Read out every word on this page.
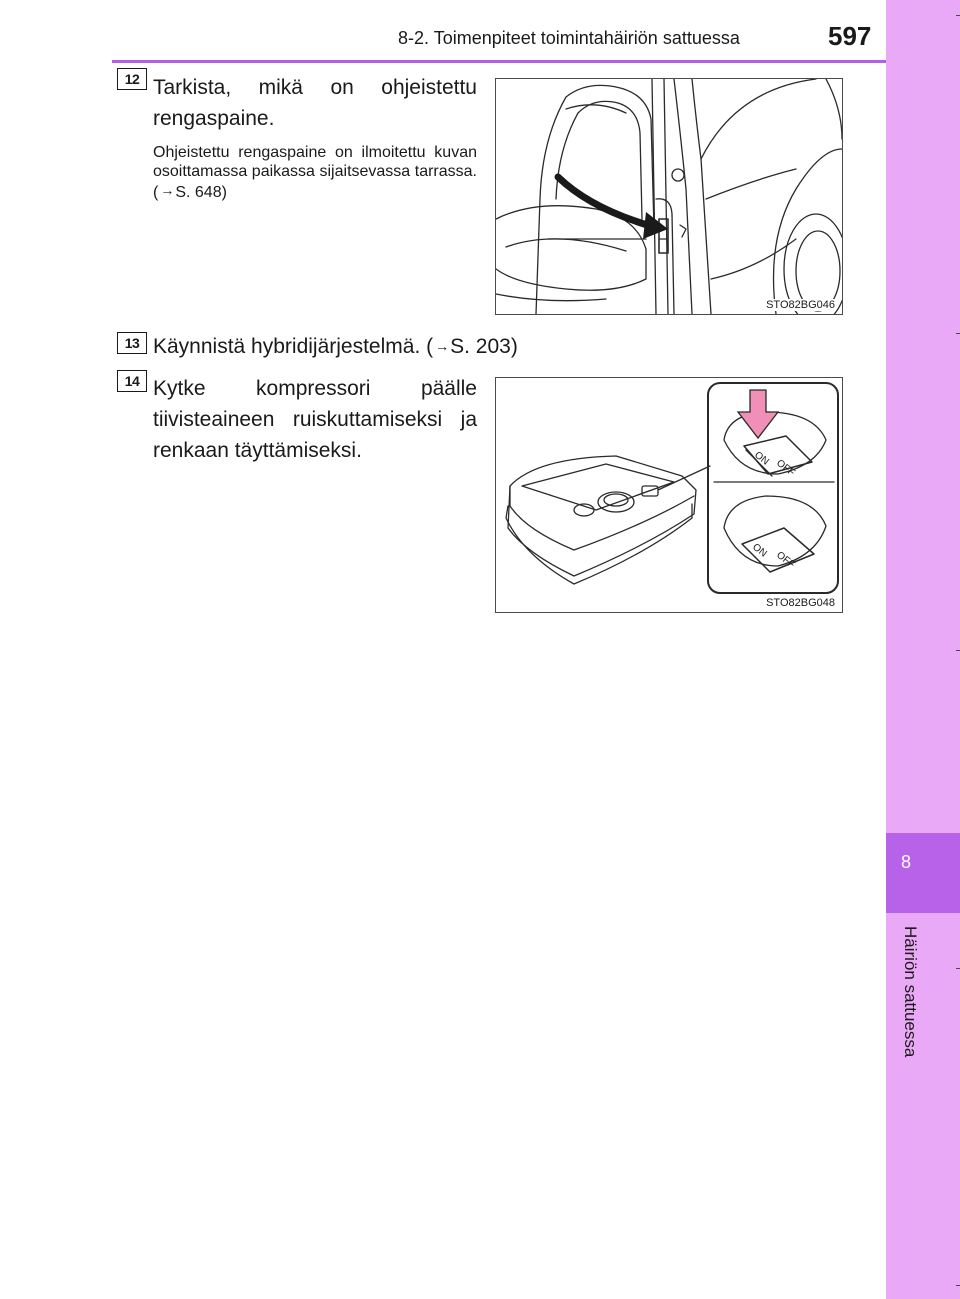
8-2. Toimenpiteet toimintahäiriön sattuessa	597
8
Häiriön sattuessa
12 Tarkista, mikä on ohjeistettu rengaspaine.
Ohjeistettu rengaspaine on ilmoitettu kuvan osoittamassa paikassa sijaitsevassa tarrassa. ( →S. 648)
STO82BG046
13 Käynnistä hybridijärjestelmä. ( →S. 203)
14 Kytke kompressori päälle tiivisteaineen ruiskuttamiseksi ja renkaan täyttämiseksi.	ON OFF
ON OFF
STO82BG048
